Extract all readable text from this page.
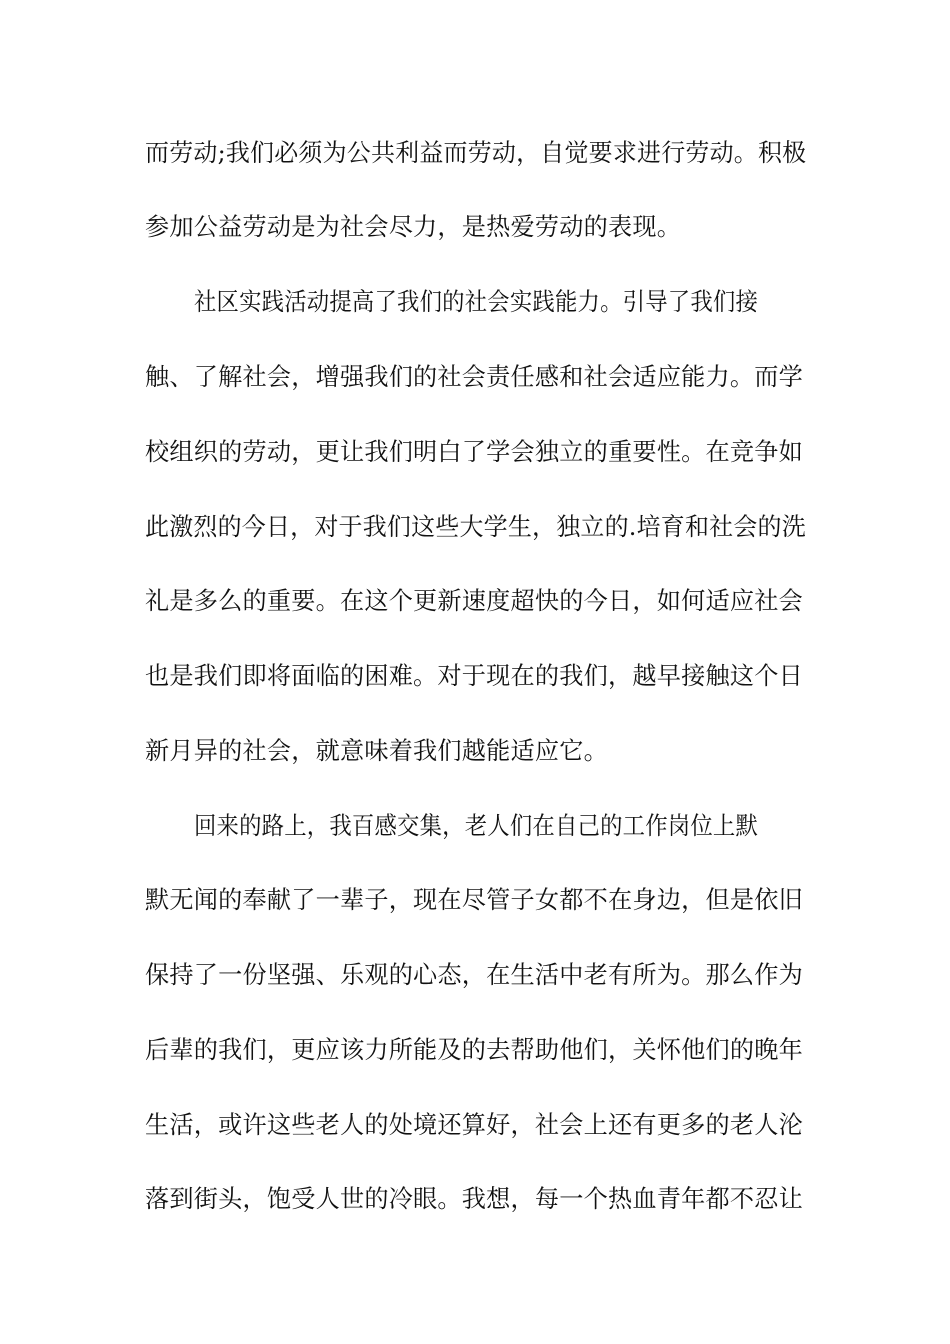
而劳动;我们必须为公共利益而劳动，自觉要求进行劳动。积极
参加公益劳动是为社会尽力，是热爱劳动的表现。
社区实践活动提高了我们的社会实践能力。引导了我们接
触、了解社会，增强我们的社会责任感和社会适应能力。而学
校组织的劳动，更让我们明白了学会独立的重要性。在竞争如
此激烈的今日，对于我们这些大学生，独立的.培育和社会的洗
礼是多么的重要。在这个更新速度超快的今日，如何适应社会
也是我们即将面临的困难。对于现在的我们，越早接触这个日
新月异的社会，就意味着我们越能适应它。
回来的路上，我百感交集，老人们在自己的工作岗位上默
默无闻的奉献了一辈子，现在尽管子女都不在身边，但是依旧
保持了一份坚强、乐观的心态，在生活中老有所为。那么作为
后辈的我们，更应该力所能及的去帮助他们，关怀他们的晚年
生活，或许这些老人的处境还算好，社会上还有更多的老人沦
落到街头，饱受人世的冷眼。我想，每一个热血青年都不忍让
